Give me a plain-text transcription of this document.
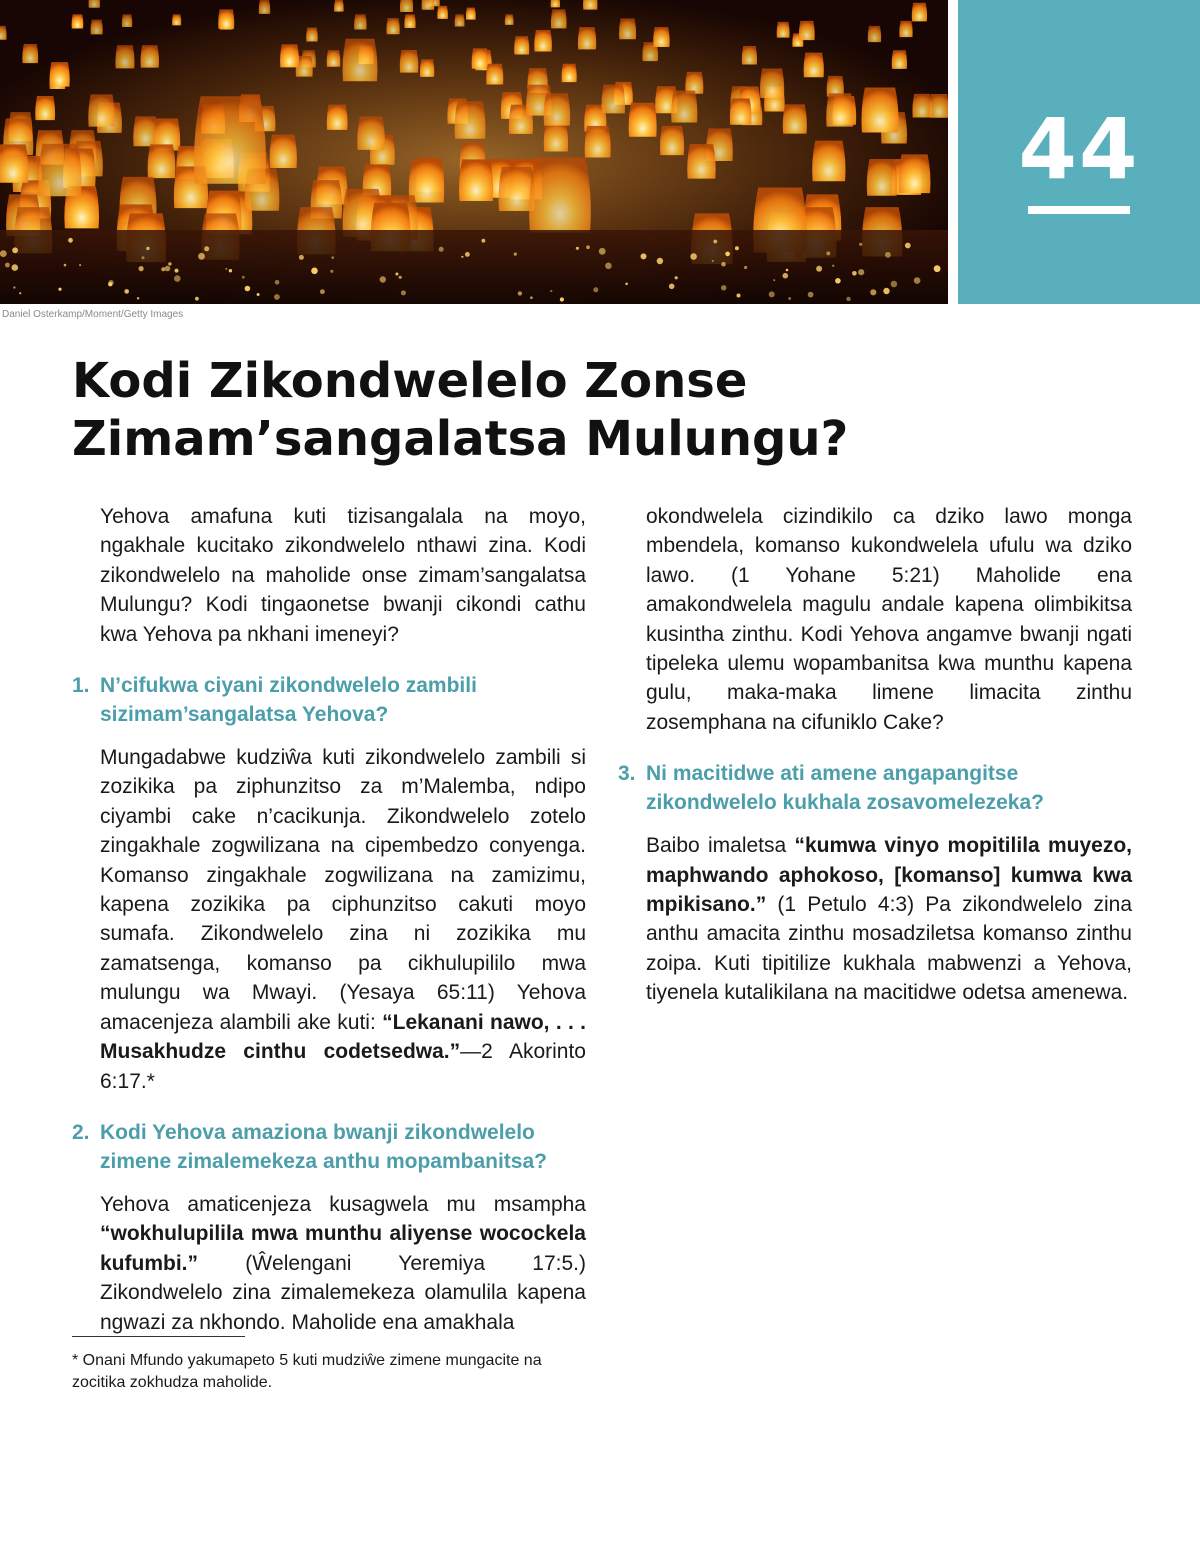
44
Daniel Osterkamp/Moment/Getty Images
Kodi Zikondwelelo Zonse
Zimam’sangalatsa Mulungu?

Yehova amafuna kuti tizisangalala na moyo, ngakhale kucitako zikondwelelo nthawi zina. Kodi zikondwelelo na maholide onse zimam’sangalatsa Mulungu? Kodi tingaonetse bwanji cikondi cathu kwa Yehova pa nkhani imeneyi?

1. N’cifukwa ciyani zikondwelelo zambili sizimam’sangalatsa Yehova?

Mungadabwe kudziŵa kuti zikondwelelo zambili si zozikika pa ziphunzitso za m’Malemba, ndipo ciyambi cake n’cacikunja. Zikondwelelo zotelo zingakhale zogwilizana na cipembedzo conyenga. Komanso zingakhale zogwilizana na zamizimu, kapena zozikika pa ciphunzitso cakuti moyo sumafa. Zikondwelelo zina ni zozikika mu zamatsenga, komanso pa cikhulupililo mwa mulungu wa Mwayi. (Yesaya 65:11) Yehova amacenjeza alambili ake kuti: “Lekanani nawo, . . . Musakhudze cinthu codetsedwa.”—2 Akorinto 6:17.*

2. Kodi Yehova amaziona bwanji zikondwelelo zimene zimalemekeza anthu mopambanitsa?

Yehova amaticenjeza kusagwela mu msampha “wokhulupilila mwa munthu aliyense wocockela kufumbi.” (Ŵelengani Yeremiya 17:5.) Zikondwelelo zina zimalemekeza olamulila kapena ngwazi za nkhondo. Maholide ena amakhala

okondwelela cizindikilo ca dziko lawo monga mbendela, komanso kukondwelela ufulu wa dziko lawo. (1 Yohane 5:21) Maholide ena amakondwelela magulu andale kapena olimbikitsa kusintha zinthu. Kodi Yehova angamve bwanji ngati tipeleka ulemu wopambanitsa kwa munthu kapena gulu, maka-maka limene limacita zinthu zosemphana na cifuniklo Cake?

3. Ni macitidwe ati amene angapangitse zikondwelelo kukhala zosavomelezeka?

Baibo imaletsa “kumwa vinyo mopitilila muyezo, maphwando aphokoso, [komanso] kumwa kwa mpikisano.” (1 Petulo 4:3) Pa zikondwelelo zina anthu amacita zinthu mosadziletsa komanso zinthu zoipa. Kuti tipitilize kukhala mabwenzi a Yehova, tiyenela kutalikilana na macitidwe odetsa amenewa.

* Onani Mfundo yakumapeto 5 kuti mudziŵe zimene mungacite na zocitika zokhudza maholide.
